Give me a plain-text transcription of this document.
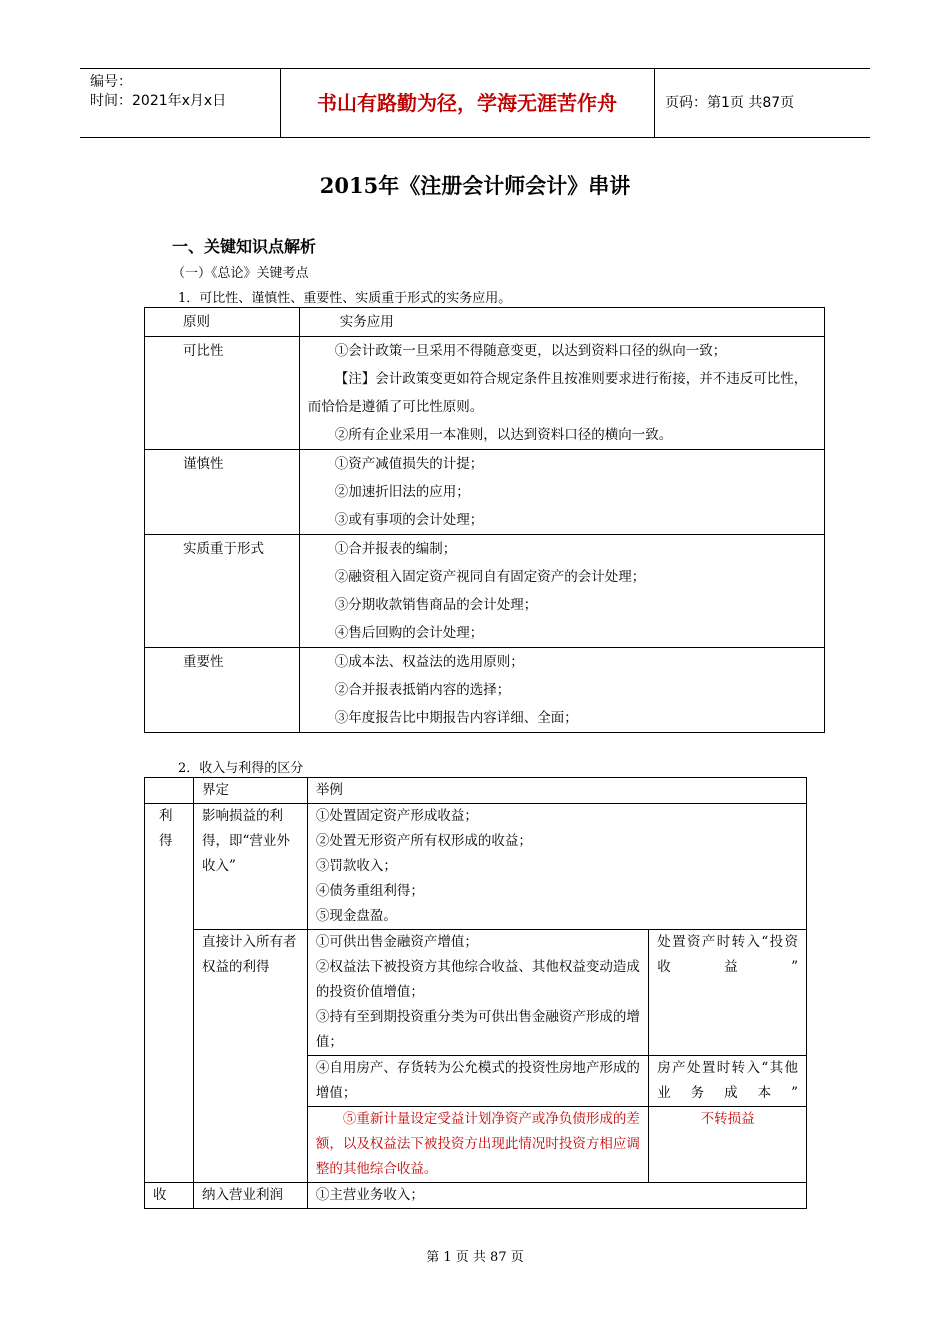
编号：
时间：2021年x月x日	书山有路勤为径，学海无涯苦作舟	页码：第1页 共87页
2015年《注册会计师会计》串讲
一、关键知识点解析
（一）《总论》关键考点
1．可比性、谨慎性、重要性、实质重于形式的实务应用。
原则	实务应用
可比性	①会计政策一旦采用不得随意变更，以达到资料口径的纵向一致；
【注】会计政策变更如符合规定条件且按准则要求进行衔接，并不违反可比性，而恰恰是遵循了可比性原则。
②所有企业采用一本准则，以达到资料口径的横向一致。

谨慎性	①资产减值损失的计提；
②加速折旧法的应用；
③或有事项的会计处理；

实质重于形式	①合并报表的编制；
②融资租入固定资产视同自有固定资产的会计处理；
③分期收款销售商品的会计处理；
④售后回购的会计处理；

重要性	①成本法、权益法的选用原则；
②合并报表抵销内容的选择；
③年度报告比中期报告内容详细、全面；
2．收入与利得的区分
	界定	举例	
利得	影响损益的利得，即“营业外收入”	①处置固定资产形成收益；
②处置无形资产所有权形成的收益；
③罚款收入；
④债务重组利得；
⑤现金盘盈。	

	直接计入所有者权益的利得	①可供出售金融资产增值；
②权益法下被投资方其他综合收益、其他权益变动造成的投资价值增值；
③持有至到期投资重分类为可供出售金融资产形成的增值；	处置资产时转入“投资收益”
		④自用房产、存货转为公允模式的投资性房地产形成的增值；	房产处置时转入“其他业务成本”
		⑤重新计量设定受益计划净资产或净负债形成的差额，以及权益法下被投资方出现此情况时投资方相应调整的其他综合收益。	不转损益
收	纳入营业利润	①主营业务收入；	
第 1 页 共 87 页
